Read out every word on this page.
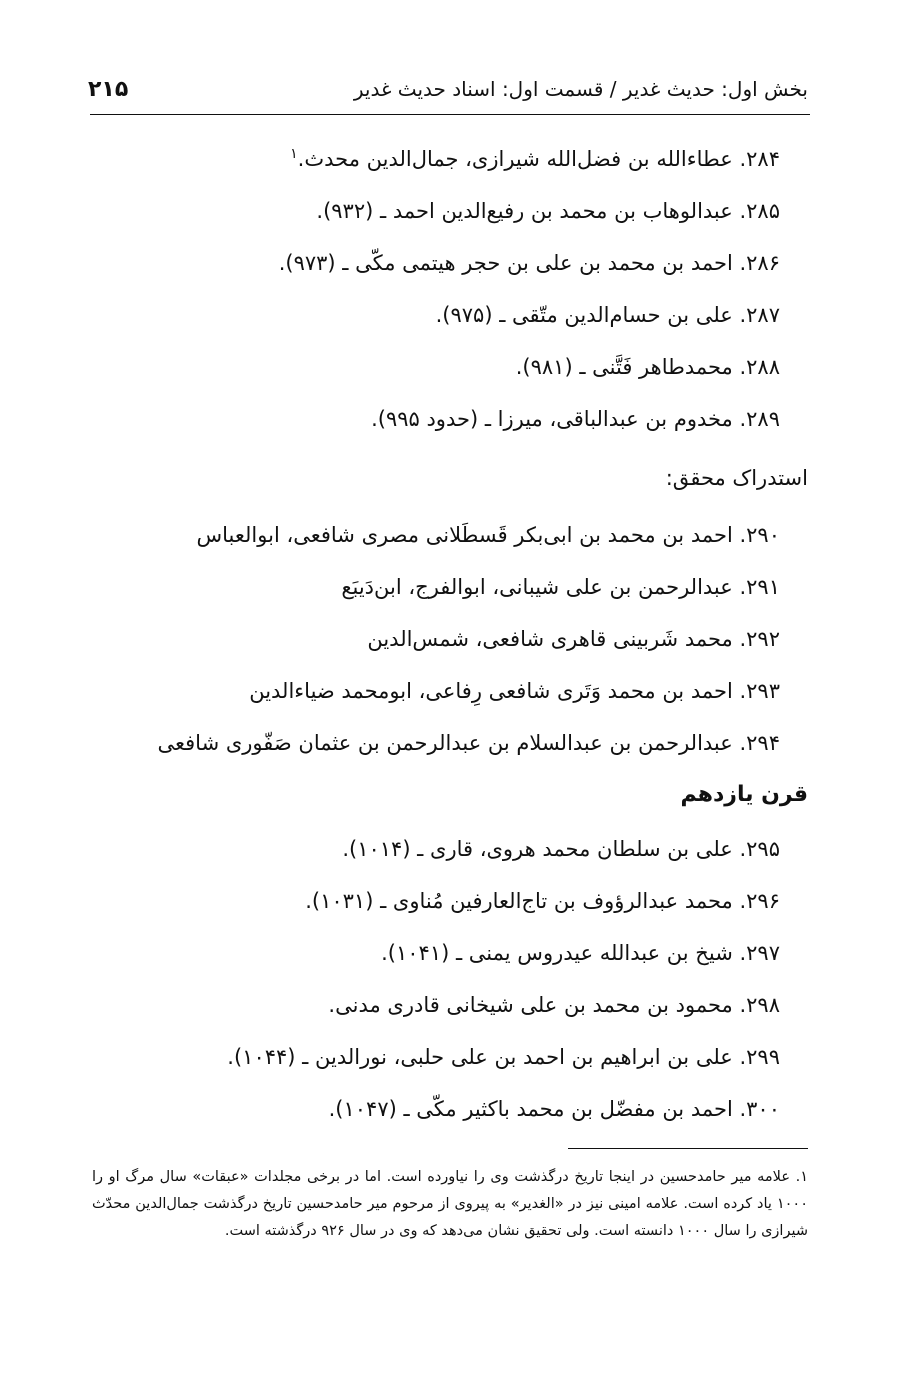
بخش اول: حدیث غدیر / قسمت اول: اسناد حدیث غدیر
۲۱۵
۲۸۴. عطاءالله بن فضل‌الله شیرازی، جمال‌الدین محدث.$^۱$
۲۸۵. عبدالوهاب بن محمد بن رفیع‌الدین احمد ـ (۹۳۲).
۲۸۶. احمد بن محمد بن علی بن حجر هیتمی مکّی ـ (۹۷۳).
۲۸۷. علی بن حسام‌الدین متّقی ـ (۹۷۵).
۲۸۸. محمدطاهر فَتَّنی ـ (۹۸۱).
۲۸۹. مخدوم بن عبدالباقی، میرزا ـ (حدود ۹۹۵).
استدراک محقق:
۲۹۰. احمد بن محمد بن ابی‌بکر قَسطَلانی مصری شافعی، ابوالعباس
۲۹۱. عبدالرحمن بن علی شیبانی، ابوالفرج، ابن‌دَیبَع
۲۹۲. محمد شَربینی قاهری شافعی، شمس‌الدین
۲۹۳. احمد بن محمد وَتَری شافعی رِفاعی، ابومحمد ضیاءالدین
۲۹۴. عبدالرحمن بن عبدالسلام بن عبدالرحمن بن عثمان صَفّوری شافعی
قرن یازدهم
۲۹۵. علی بن سلطان محمد هروی، قاری ـ (۱۰۱۴).
۲۹۶. محمد عبدالرؤوف بن تاج‌العارفین مُناوی ـ (۱۰۳۱).
۲۹۷. شیخ بن عبدالله عیدروس یمنی ـ (۱۰۴۱).
۲۹۸. محمود بن محمد بن علی شیخانی قادری مدنی.
۲۹۹. علی بن ابراهیم بن احمد بن علی حلبی، نورالدین ـ (۱۰۴۴).
۳۰۰. احمد بن مفضّل بن محمد باکثیر مکّی ـ (۱۰۴۷).
۱. علامه میر حامدحسین در اینجا تاریخ درگذشت وی را نیاورده است. اما در برخی مجلدات «عبقات» سال مرگ او را ۱۰۰۰ یاد کرده است. علامه امینی نیز در «الغدیر» به پیروی از مرحوم میر حامدحسین تاریخ درگذشت جمال‌الدین محدّث شیرازی را سال ۱۰۰۰ دانسته است. ولی تحقیق نشان می‌دهد که وی در سال ۹۲۶ درگذشته است.
